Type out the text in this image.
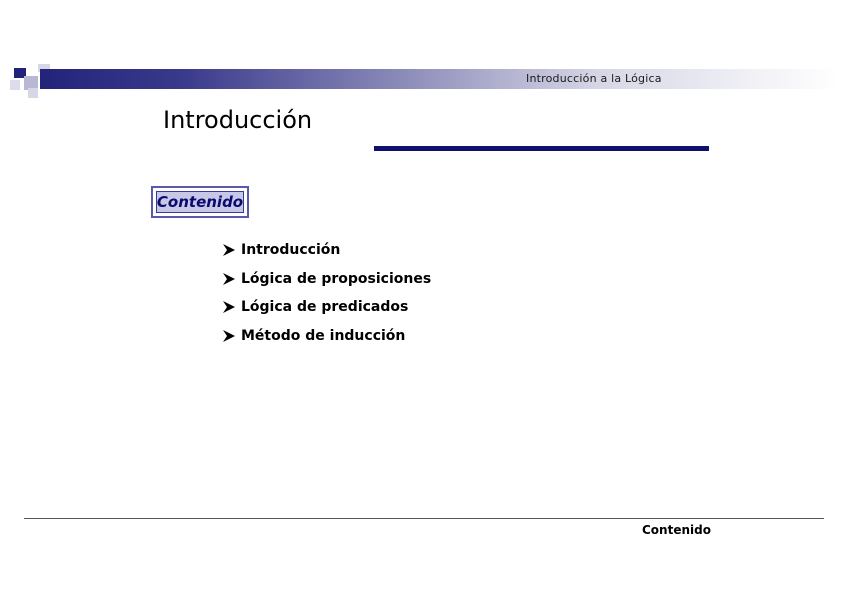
Introducción a la Lógica
Introducción
Contenido
Introducción
Lógica de proposiciones
Lógica de predicados
Método de inducción
Contenido
